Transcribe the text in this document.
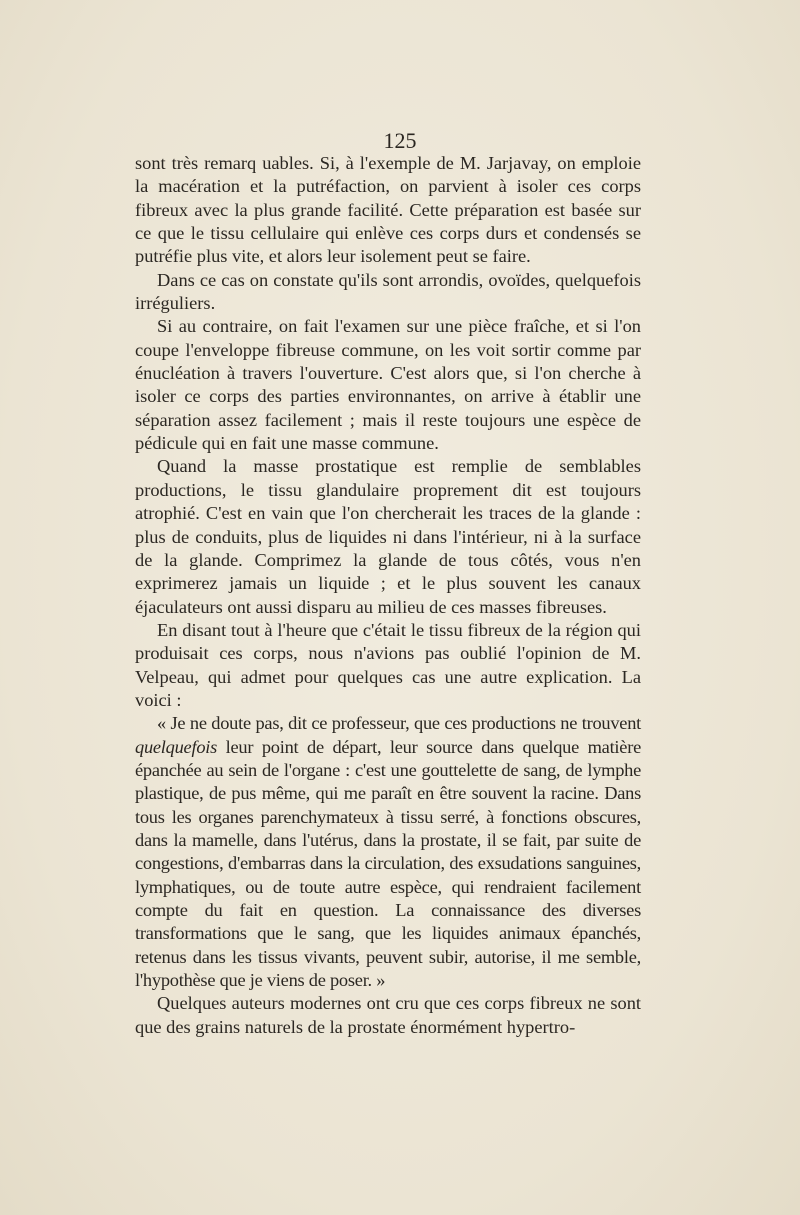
125

sont très remarq uables. Si, à l'exemple de M. Jarjavay, on emploie la macération et la putréfaction, on parvient à isoler ces corps fibreux avec la plus grande facilité. Cette préparation est basée sur ce que le tissu cellulaire qui enlève ces corps durs et condensés se putréfie plus vite, et alors leur isolement peut se faire.

Dans ce cas on constate qu'ils sont arrondis, ovoïdes, quelquefois irréguliers.

Si au contraire, on fait l'examen sur une pièce fraîche, et si l'on coupe l'enveloppe fibreuse commune, on les voit sortir comme par énucléation à travers l'ouverture. C'est alors que, si l'on cherche à isoler ce corps des parties environnantes, on arrive à établir une séparation assez facilement ; mais il reste toujours une espèce de pédicule qui en fait une masse commune.

Quand la masse prostatique est remplie de semblables productions, le tissu glandulaire proprement dit est toujours atrophié. C'est en vain que l'on chercherait les traces de la glande : plus de conduits, plus de liquides ni dans l'intérieur, ni à la surface de la glande. Comprimez la glande de tous côtés, vous n'en exprimerez jamais un liquide ; et le plus souvent les canaux éjaculateurs ont aussi disparu au milieu de ces masses fibreuses.

En disant tout à l'heure que c'était le tissu fibreux de la région qui produisait ces corps, nous n'avions pas oublié l'opinion de M. Velpeau, qui admet pour quelques cas une autre explication. La voici :

« Je ne doute pas, dit ce professeur, que ces productions ne trouvent quelquefois leur point de départ, leur source dans quelque matière épanchée au sein de l'organe : c'est une gouttelette de sang, de lymphe plastique, de pus même, qui me paraît en être souvent la racine. Dans tous les organes parenchymateux à tissu serré, à fonctions obscures, dans la mamelle, dans l'utérus, dans la prostate, il se fait, par suite de congestions, d'embarras dans la circulation, des exsudations sanguines, lymphatiques, ou de toute autre espèce, qui rendraient facilement compte du fait en question. La connaissance des diverses transformations que le sang, que les liquides animaux épanchés, retenus dans les tissus vivants, peuvent subir, autorise, il me semble, l'hypothèse que je viens de poser. »

Quelques auteurs modernes ont cru que ces corps fibreux ne sont que des grains naturels de la prostate énormément hypertro-
